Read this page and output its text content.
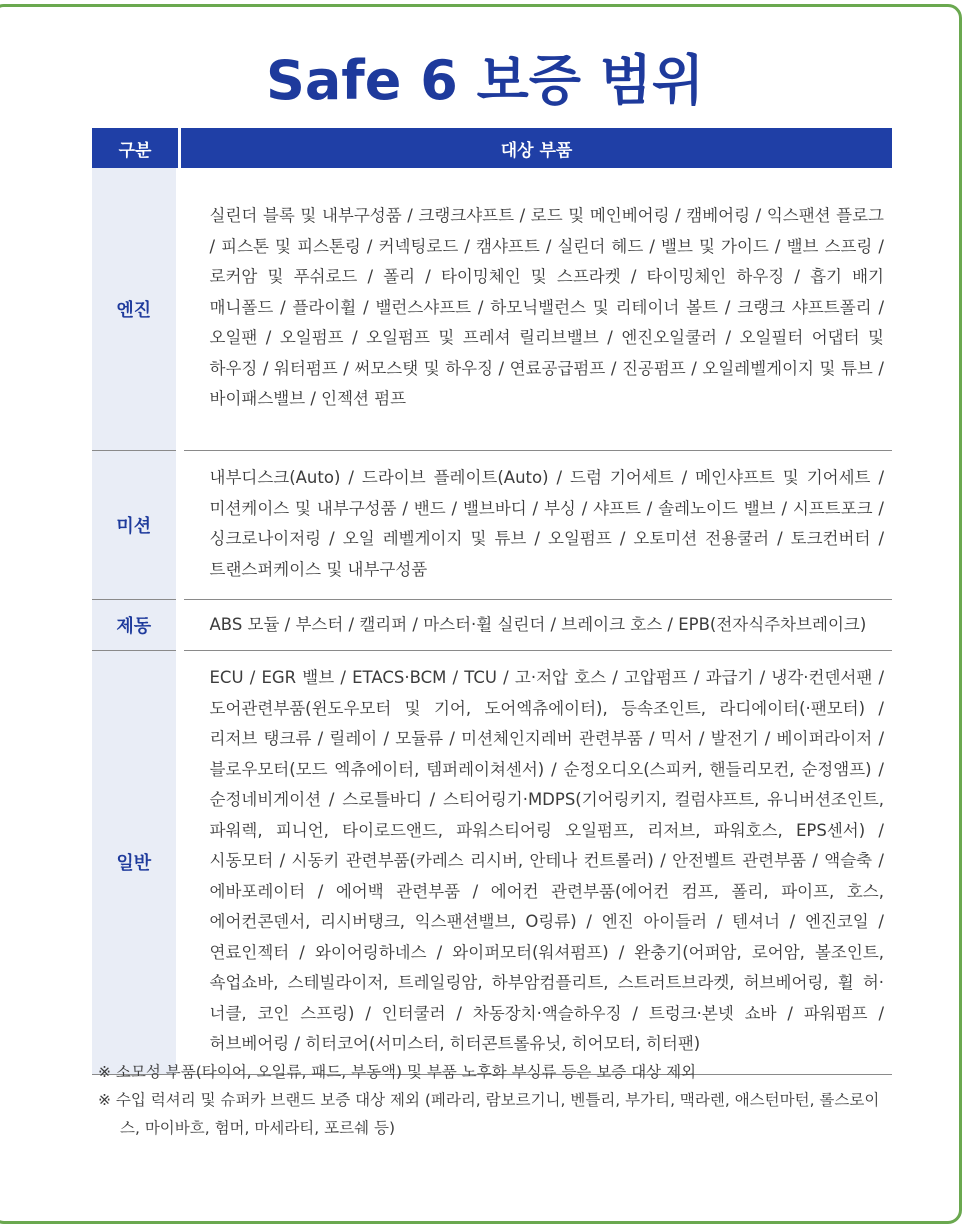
Safe 6 보증 범위
구분	대상 부품
엔진	실린더 블록 및 내부구성품 / 크랭크샤프트 / 로드 및 메인베어링 / 캠베어링 / 익스팬션 플로그 / 피스톤 및 피스톤링 / 커넥팅로드 / 캠샤프트 / 실린더 헤드 / 밸브 및 가이드 / 밸브 스프링 / 로커암 및 푸쉬로드 / 폴리 / 타이밍체인 및 스프라켓 / 타이밍체인 하우징 / 흡기 배기 매니폴드 / 플라이휠 / 밸런스샤프트 / 하모닉밸런스 및 리테이너 볼트 / 크랭크 샤프트폴리 / 오일팬 / 오일펌프 / 오일펌프 및 프레셔 릴리브밸브 / 엔진오일쿨러 / 오일필터 어댑터 및 하우징 / 워터펌프 / 써모스탯 및 하우징 / 연료공급펌프 / 진공펌프 / 오일레벨게이지 및 튜브 / 바이패스밸브 / 인젝션 펌프
미션	내부디스크(Auto) / 드라이브 플레이트(Auto) / 드럼 기어세트 / 메인샤프트 및 기어세트 / 미션케이스 및 내부구성품 / 밴드 / 밸브바디 / 부싱 / 샤프트 / 솔레노이드 밸브 / 시프트포크 / 싱크로나이저링 / 오일 레벨게이지 및 튜브 / 오일펌프 / 오토미션 전용쿨러 / 토크컨버터 / 트랜스퍼케이스 및 내부구성품
제동	ABS 모듈 / 부스터 / 캘리퍼 / 마스터·휠 실린더 / 브레이크 호스 / EPB(전자식주차브레이크)
일반	ECU / EGR 밸브 / ETACS·BCM / TCU / 고·저압 호스 / 고압펌프 / 과급기 / 냉각·컨덴서팬 / 도어관련부품(윈도우모터 및 기어, 도어엑츄에이터), 등속조인트, 라디에이터(·팬모터) / 리저브 탱크류 / 릴레이 / 모듈류 / 미션체인지레버 관련부품 / 믹서 / 발전기 / 베이퍼라이저 / 블로우모터(모드 엑츄에이터, 템퍼레이쳐센서) / 순정오디오(스피커, 핸들리모컨, 순정앰프) / 순정네비게이션 / 스로틀바디 / 스티어링기·MDPS(기어링키지, 컬럼샤프트, 유니버션조인트, 파워렉, 피니언, 타이로드앤드, 파워스티어링 오일펌프, 리저브, 파워호스, EPS센서) / 시동모터 / 시동키 관련부품(카레스 리시버, 안테나 컨트롤러) / 안전벨트 관련부품 / 액슬축 / 에바포레이터 / 에어백 관련부품 / 에어컨 관련부품(에어컨 컴프, 폴리, 파이프, 호스, 에어컨콘덴서, 리시버탱크, 익스팬션밸브, O링류) / 엔진 아이들러 / 텐셔너 / 엔진코일 / 연료인젝터 / 와이어링하네스 / 와이퍼모터(워셔펌프) / 완충기(어퍼암, 로어암, 볼조인트, 쇽업쇼바, 스테빌라이저, 트레일링암, 하부암컴플리트, 스트러트브라켓, 허브베어링, 휠 허·너클, 코인 스프링) / 인터쿨러 / 차동장치·액슬하우징 / 트렁크·본넷 쇼바 / 파워펌프 / 허브베어링 / 히터코어(서미스터, 히터콘트롤유닛, 히어모터, 히터팬)
※ 소모성 부품(타이어, 오일류, 패드, 부동액) 및 부품 노후화 부싱류 등은 보증 대상 제외
※ 수입 럭셔리 및 슈퍼카 브랜드 보증 대상 제외 (페라리, 람보르기니, 벤틀리, 부가티, 맥라렌, 애스턴마턴, 롤스로이스, 마이바흐, 험머, 마세라티, 포르쉐 등)
